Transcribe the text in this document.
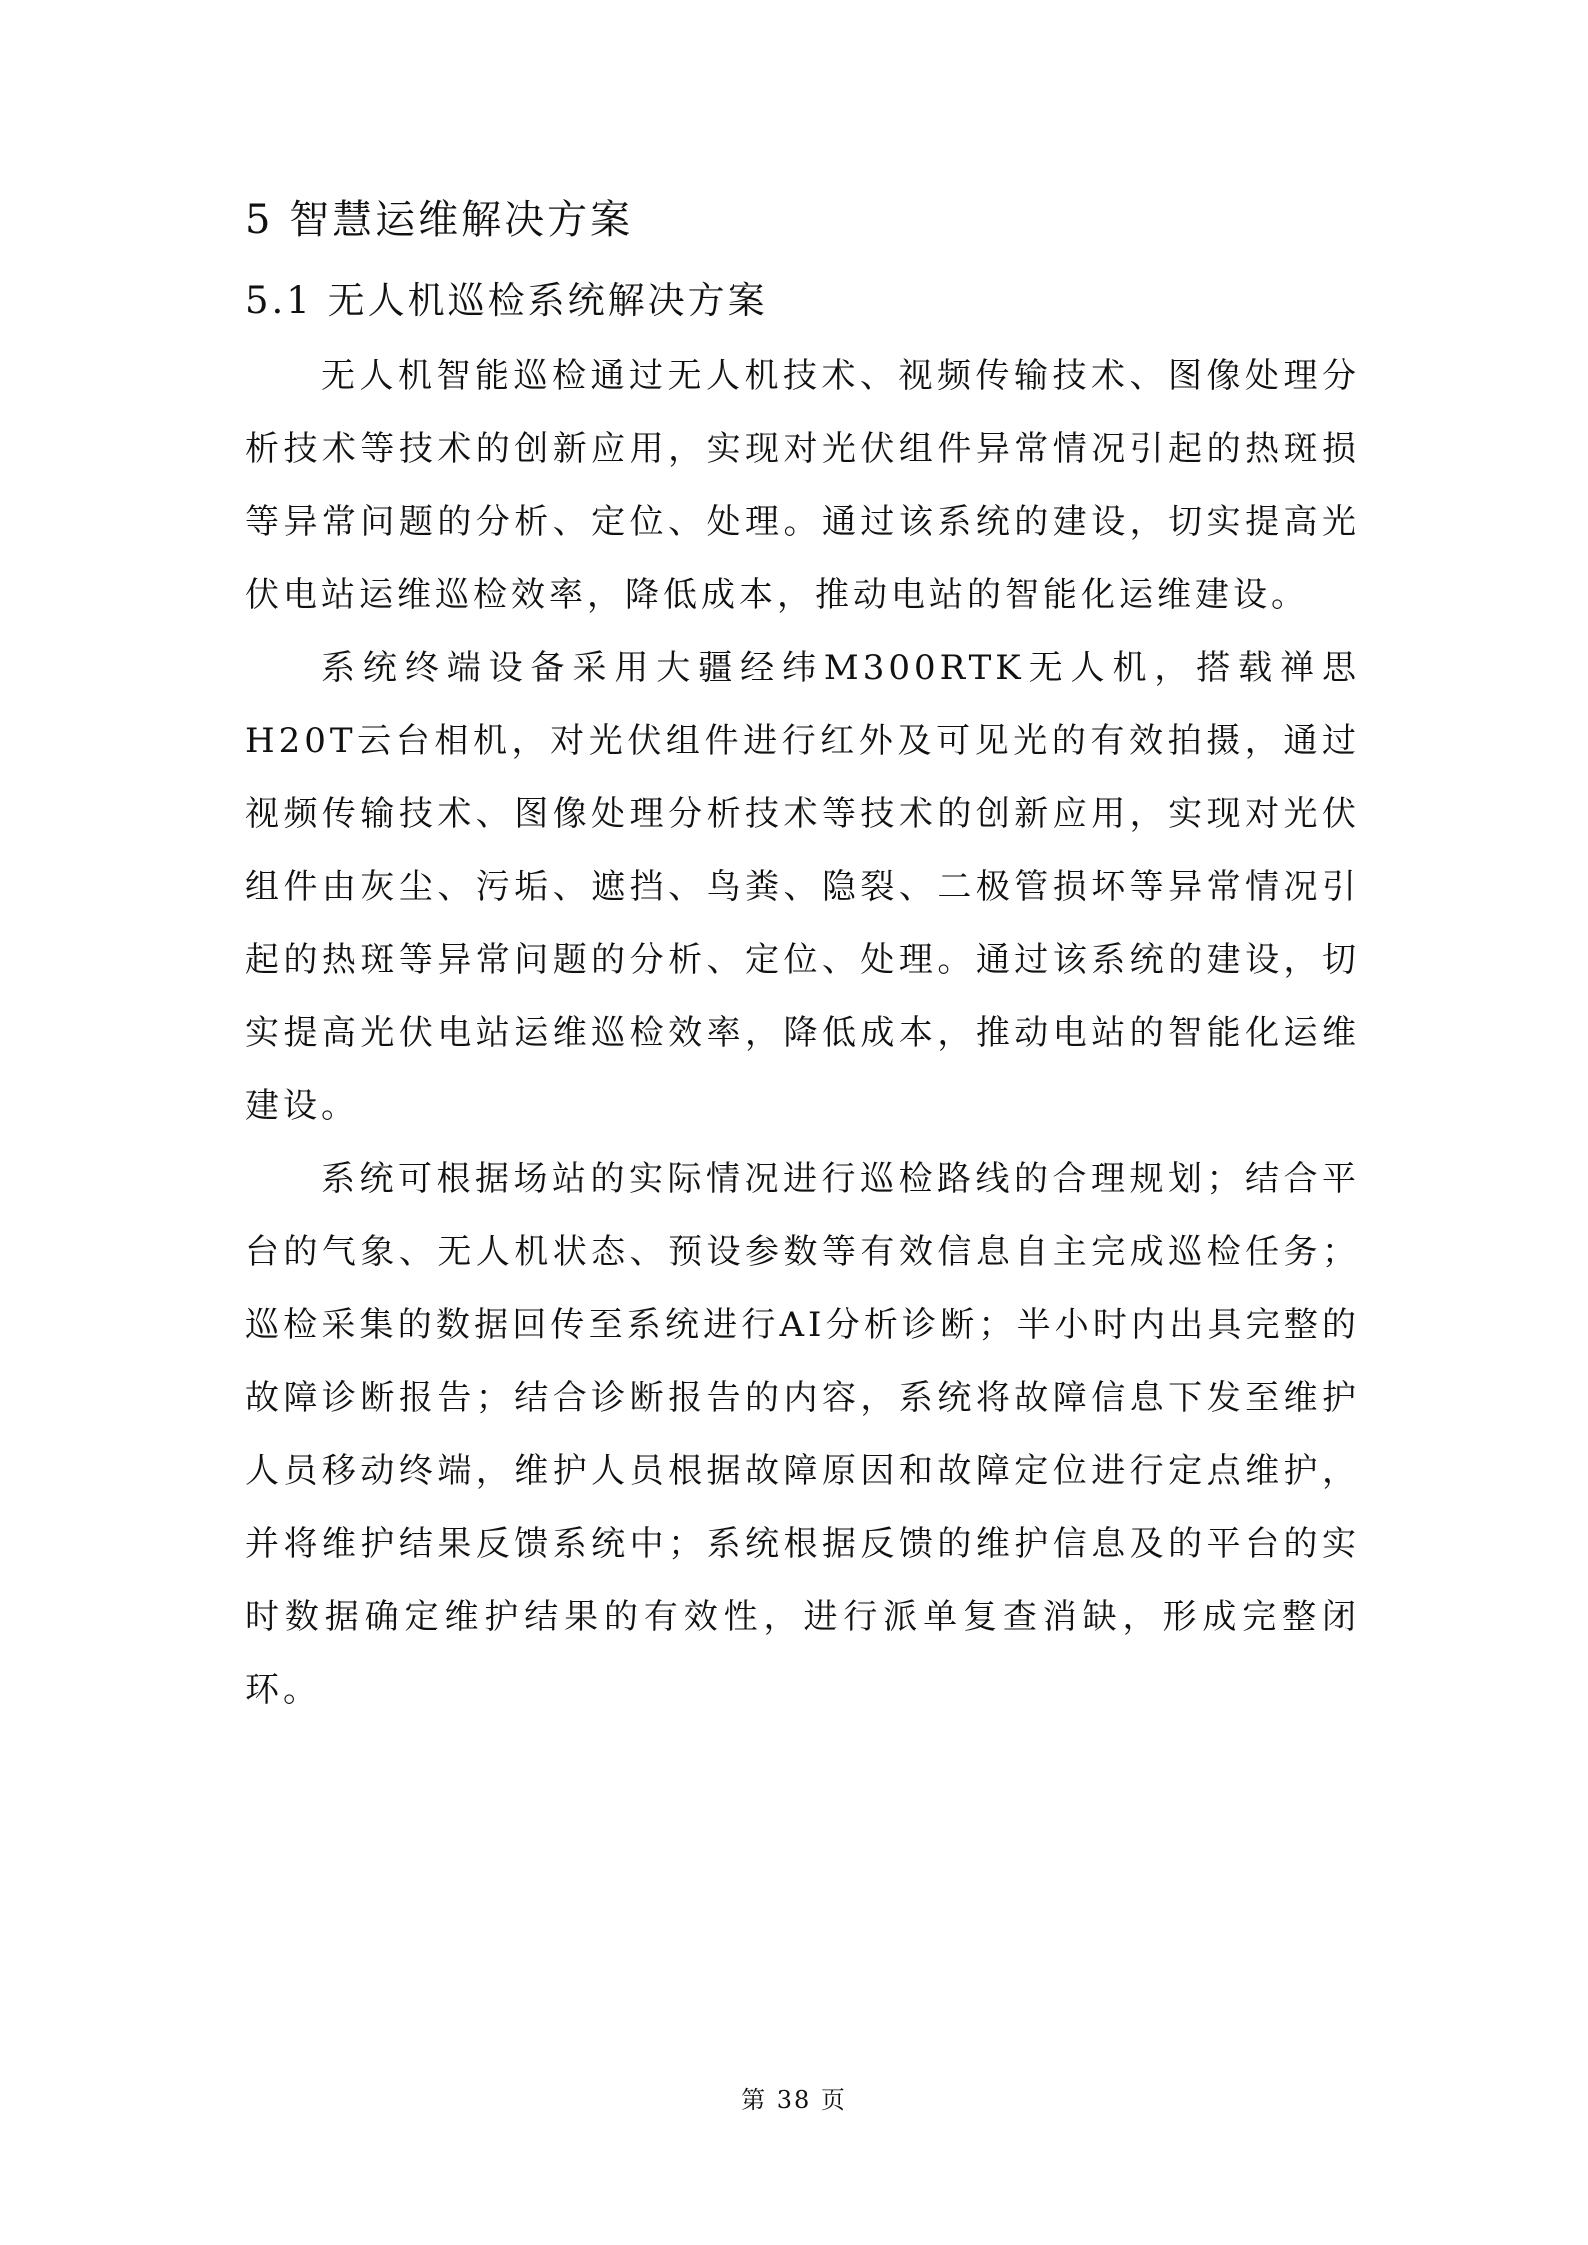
5 智慧运维解决方案
5.1 无人机巡检系统解决方案

无人机智能巡检通过无人机技术、视频传输技术、图像处理分析技术等技术的创新应用，实现对光伏组件异常情况引起的热斑损等异常问题的分析、定位、处理。通过该系统的建设，切实提高光伏电站运维巡检效率，降低成本，推动电站的智能化运维建设。

系统终端设备采用大疆经纬M300RTK无人机，搭载禅思H20T云台相机，对光伏组件进行红外及可见光的有效拍摄，通过视频传输技术、图像处理分析技术等技术的创新应用，实现对光伏组件由灰尘、污垢、遮挡、鸟粪、隐裂、二极管损坏等异常情况引起的热斑等异常问题的分析、定位、处理。通过该系统的建设，切实提高光伏电站运维巡检效率，降低成本，推动电站的智能化运维建设。

系统可根据场站的实际情况进行巡检路线的合理规划；结合平台的气象、无人机状态、预设参数等有效信息自主完成巡检任务；巡检采集的数据回传至系统进行AI分析诊断；半小时内出具完整的故障诊断报告；结合诊断报告的内容，系统将故障信息下发至维护人员移动终端，维护人员根据故障原因和故障定位进行定点维护，并将维护结果反馈系统中；系统根据反馈的维护信息及的平台的实时数据确定维护结果的有效性，进行派单复查消缺，形成完整闭环。

第 38 页
